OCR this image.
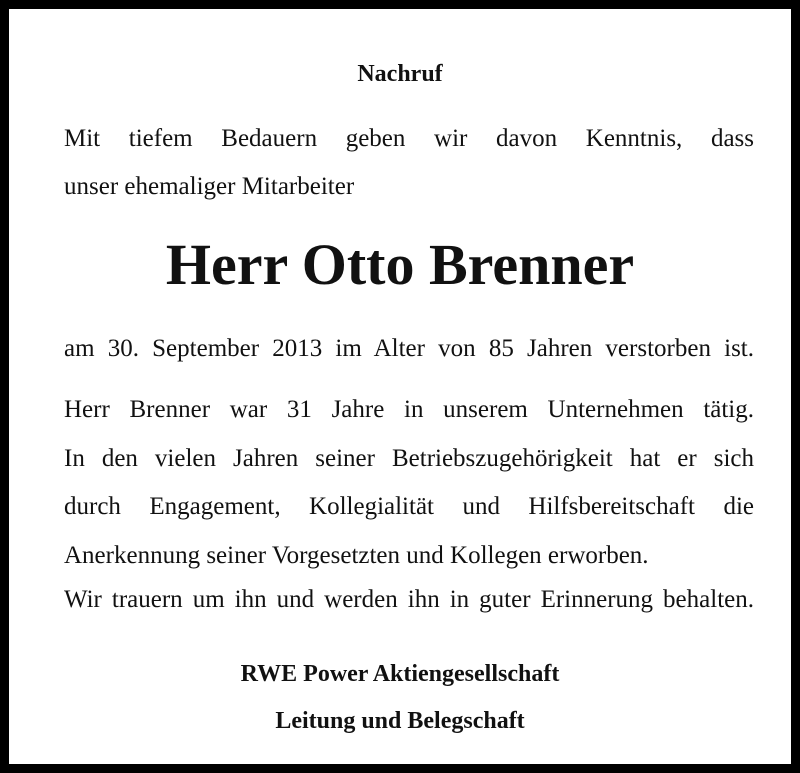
Nachruf
Mit tiefem Bedauern geben wir davon Kenntnis, dass
unser ehemaliger Mitarbeiter
Herr Otto Brenner
am 30. September 2013 im Alter von 85 Jahren verstorben ist.
Herr Brenner war 31 Jahre in unserem Unternehmen tätig.
In den vielen Jahren seiner Betriebszugehörigkeit hat er sich
durch Engagement, Kollegialität und Hilfsbereitschaft die
Anerkennung seiner Vorgesetzten und Kollegen erworben.
Wir trauern um ihn und werden ihn in guter Erinnerung behalten.
RWE Power Aktiengesellschaft
Leitung und Belegschaft
